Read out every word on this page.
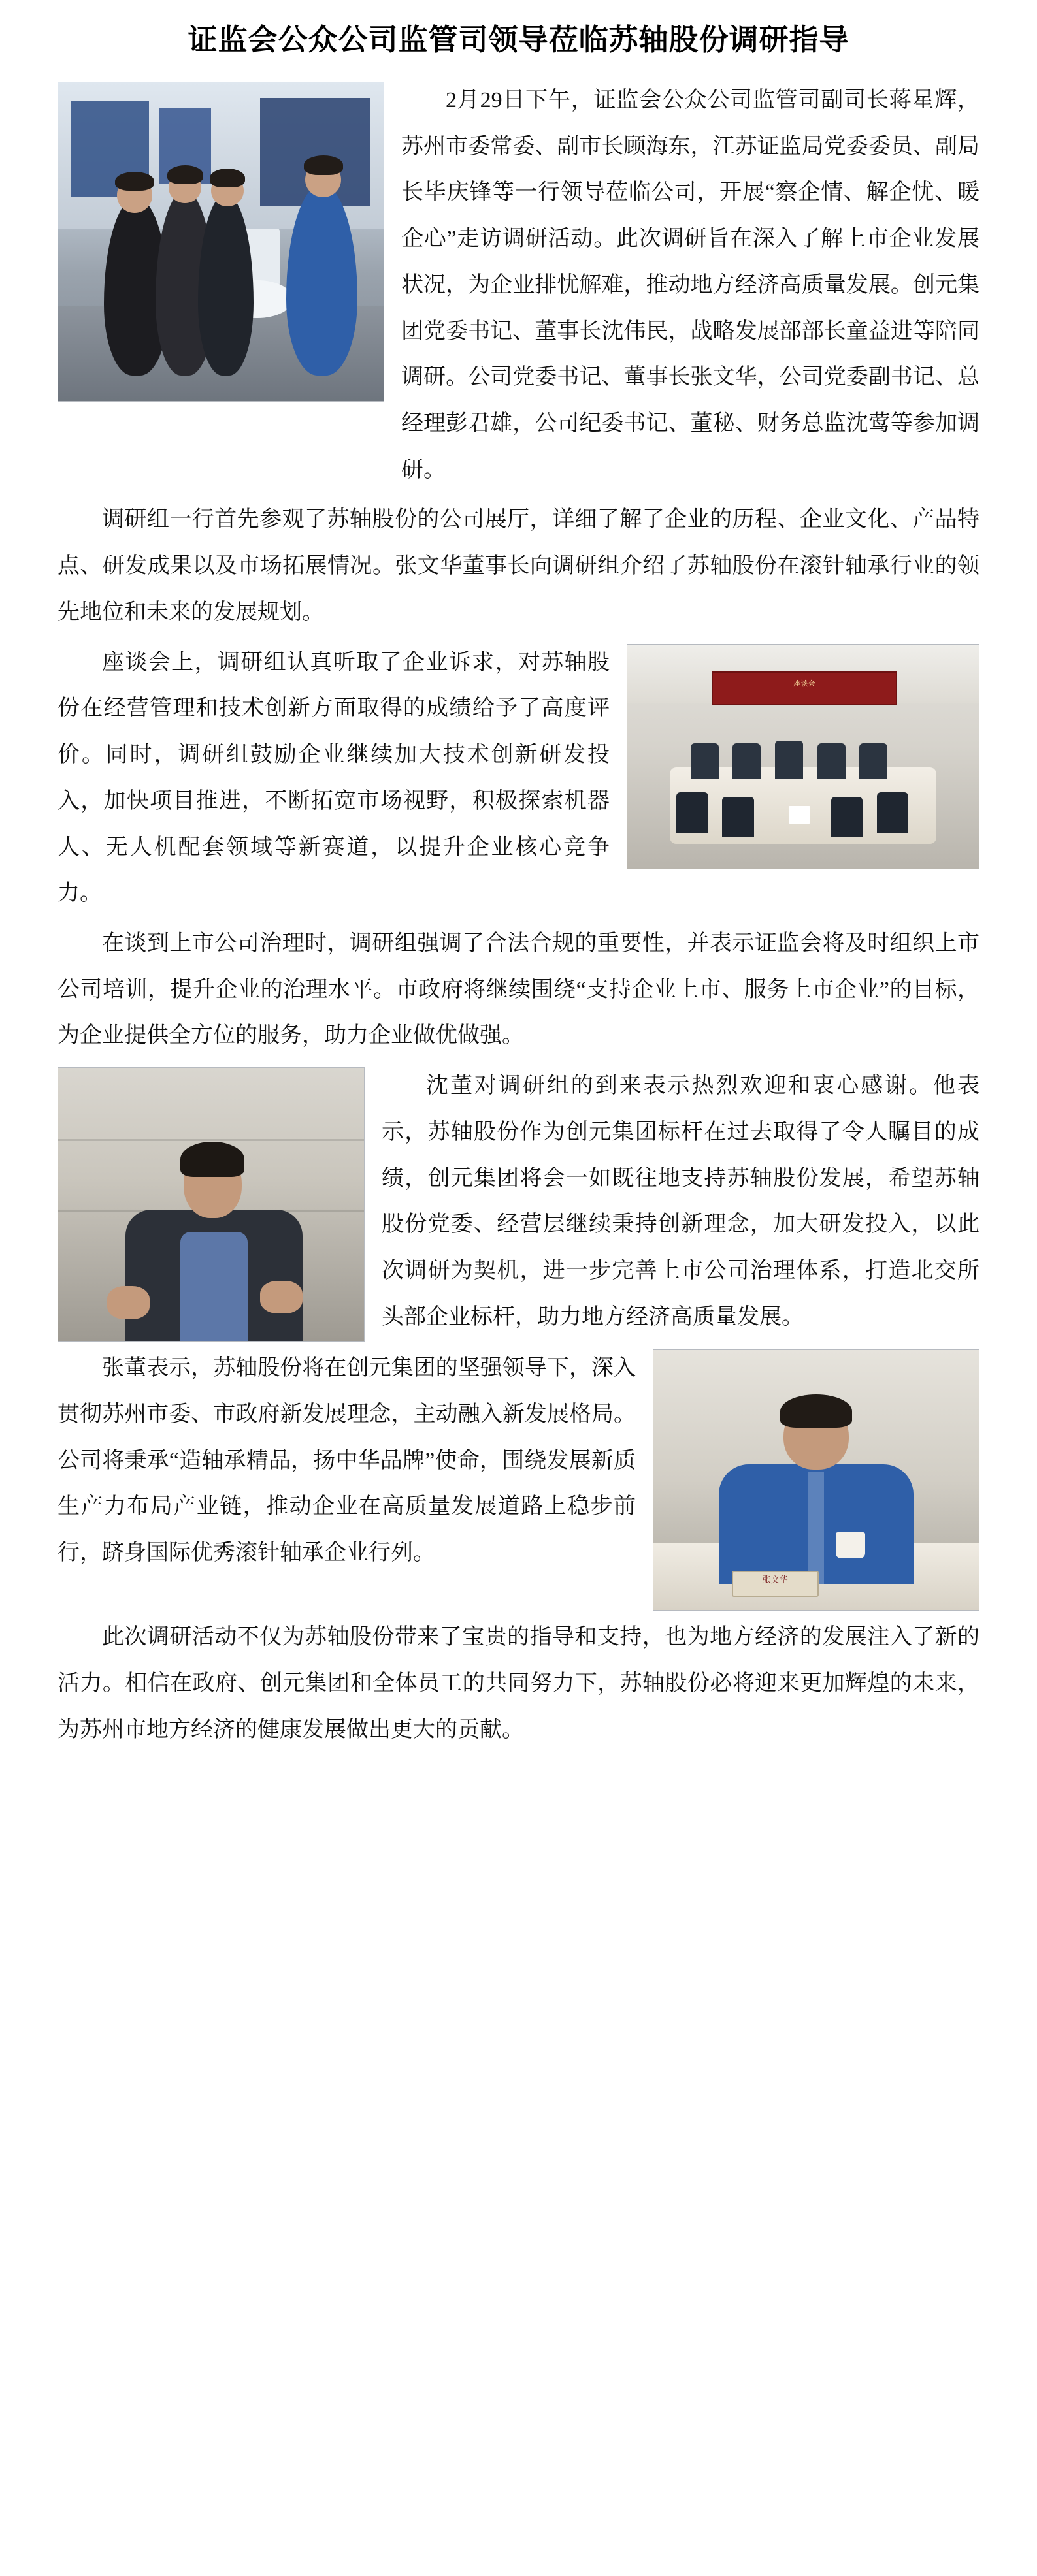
证监会公众公司监管司领导莅临苏轴股份调研指导

2月29日下午，证监会公众公司监管司副司长蒋星辉，苏州市委常委、副市长顾海东，江苏证监局党委委员、副局长毕庆锋等一行领导莅临公司，开展“察企情、解企忧、暖企心”走访调研活动。此次调研旨在深入了解上市企业发展状况，为企业排忧解难，推动地方经济高质量发展。创元集团党委书记、董事长沈伟民，战略发展部部长童益进等陪同调研。公司党委书记、董事长张文华，公司党委副书记、总经理彭君雄，公司纪委书记、董秘、财务总监沈莺等参加调研。

调研组一行首先参观了苏轴股份的公司展厅，详细了解了企业的历程、企业文化、产品特点、研发成果以及市场拓展情况。张文华董事长向调研组介绍了苏轴股份在滚针轴承行业的领先地位和未来的发展规划。

座谈会

座谈会上，调研组认真听取了企业诉求，对苏轴股份在经营管理和技术创新方面取得的成绩给予了高度评价。同时，调研组鼓励企业继续加大技术创新研发投入，加快项目推进，不断拓宽市场视野，积极探索机器人、无人机配套领域等新赛道，以提升企业核心竞争力。

在谈到上市公司治理时，调研组强调了合法合规的重要性，并表示证监会将及时组织上市公司培训，提升企业的治理水平。市政府将继续围绕“支持企业上市、服务上市企业”的目标，为企业提供全方位的服务，助力企业做优做强。

沈董对调研组的到来表示热烈欢迎和衷心感谢。他表示，苏轴股份作为创元集团标杆在过去取得了令人瞩目的成绩，创元集团将会一如既往地支持苏轴股份发展，希望苏轴股份党委、经营层继续秉持创新理念，加大研发投入，以此次调研为契机，进一步完善上市公司治理体系，打造北交所头部企业标杆，助力地方经济高质量发展。

张文华

张董表示，苏轴股份将在创元集团的坚强领导下，深入贯彻苏州市委、市政府新发展理念，主动融入新发展格局。公司将秉承“造轴承精品，扬中华品牌”使命，围绕发展新质生产力布局产业链，推动企业在高质量发展道路上稳步前行，跻身国际优秀滚针轴承企业行列。

此次调研活动不仅为苏轴股份带来了宝贵的指导和支持，也为地方经济的发展注入了新的活力。相信在政府、创元集团和全体员工的共同努力下，苏轴股份必将迎来更加辉煌的未来，为苏州市地方经济的健康发展做出更大的贡献。
